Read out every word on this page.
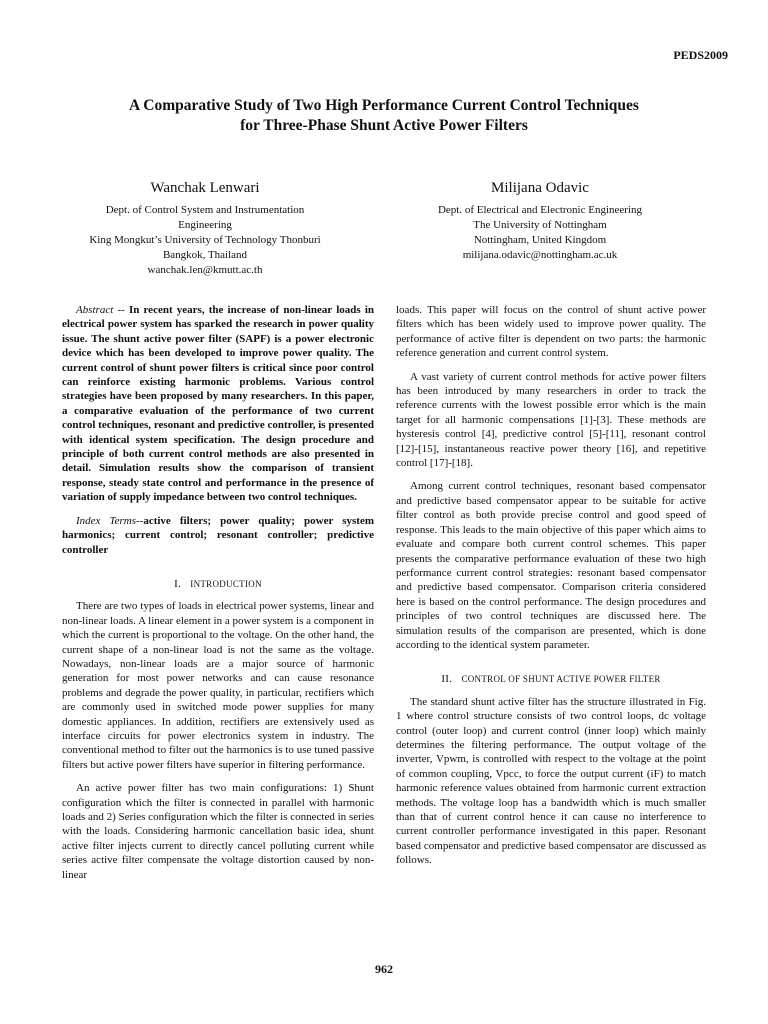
PEDS2009
A Comparative Study of Two High Performance Current Control Techniques
for Three-Phase Shunt Active Power Filters
Wanchak Lenwari
Dept. of Control System and Instrumentation
Engineering
King Mongkut’s University of Technology Thonburi
Bangkok, Thailand
wanchak.len@kmutt.ac.th
Milijana Odavic
Dept. of Electrical and Electronic Engineering
The University of Nottingham
Nottingham, United Kingdom
milijana.odavic@nottingham.ac.uk

Abstract -- In recent years, the increase of non-linear loads in electrical power system has sparked the research in power quality issue. The shunt active power filter (SAPF) is a power electronic device which has been developed to improve power quality. The current control of shunt power filters is critical since poor control can reinforce existing harmonic problems. Various control strategies have been proposed by many researchers. In this paper, a comparative evaluation of the performance of two current control techniques, resonant and predictive controller, is presented with identical system specification. The design procedure and principle of both current control methods are also presented in detail. Simulation results show the comparison of transient response, steady state control and performance in the presence of variation of supply impedance between two control techniques.

Index Terms--active filters; power quality; power system harmonics; current control; resonant controller; predictive controller

I. INTRODUCTION

There are two types of loads in electrical power systems, linear and non-linear loads. A linear element in a power system is a component in which the current is proportional to the voltage. On the other hand, the current shape of a non-linear load is not the same as the voltage. Nowadays, non-linear loads are a major source of harmonic generation for most power networks and can cause resonance problems and degrade the power quality, in particular, rectifiers which are commonly used in switched mode power supplies for many domestic appliances. In addition, rectifiers are extensively used as interface circuits for power electronics system in industry. The conventional method to filter out the harmonics is to use tuned passive filters but active power filters have superior in filtering performance.

An active power filter has two main configurations: 1) Shunt configuration which the filter is connected in parallel with harmonic loads and 2) Series configuration which the filter is connected in series with the loads. Considering harmonic cancellation basic idea, shunt active filter injects current to directly cancel polluting current while series active filter compensate the voltage distortion caused by non-linear

loads. This paper will focus on the control of shunt active power filters which has been widely used to improve power quality. The performance of active filter is dependent on two parts: the harmonic reference generation and current control system.

A vast variety of current control methods for active power filters has been introduced by many researchers in order to track the reference currents with the lowest possible error which is the main target for all harmonic compensations [1]-[3]. These methods are hysteresis control [4], predictive control [5]-[11], resonant control [12]-[15], instantaneous reactive power theory [16], and repetitive control [17]-[18].

Among current control techniques, resonant based compensator and predictive based compensator appear to be suitable for active filter control as both provide precise control and good speed of response. This leads to the main objective of this paper which aims to evaluate and compare both current control schemes. This paper presents the comparative performance evaluation of these two high performance current control strategies: resonant based compensator and predictive based compensator. Comparison criteria considered here is based on the control performance. The design procedures and principles of two control techniques are discussed here. The simulation results of the comparison are presented, which is done according to the identical system parameter.

II. CONTROL OF SHUNT ACTIVE POWER FILTER

The standard shunt active filter has the structure illustrated in Fig. 1 where control structure consists of two control loops, dc voltage control (outer loop) and current control (inner loop) which mainly determines the filtering performance. The output voltage of the inverter, Vpwm, is controlled with respect to the voltage at the point of common coupling, Vpcc, to force the output current (iF) to match harmonic reference values obtained from harmonic current extraction methods. The voltage loop has a bandwidth which is much smaller than that of current control hence it can cause no interference to current controller performance investigated in this paper. Resonant based compensator and predictive based compensator are discussed as follows.

962
